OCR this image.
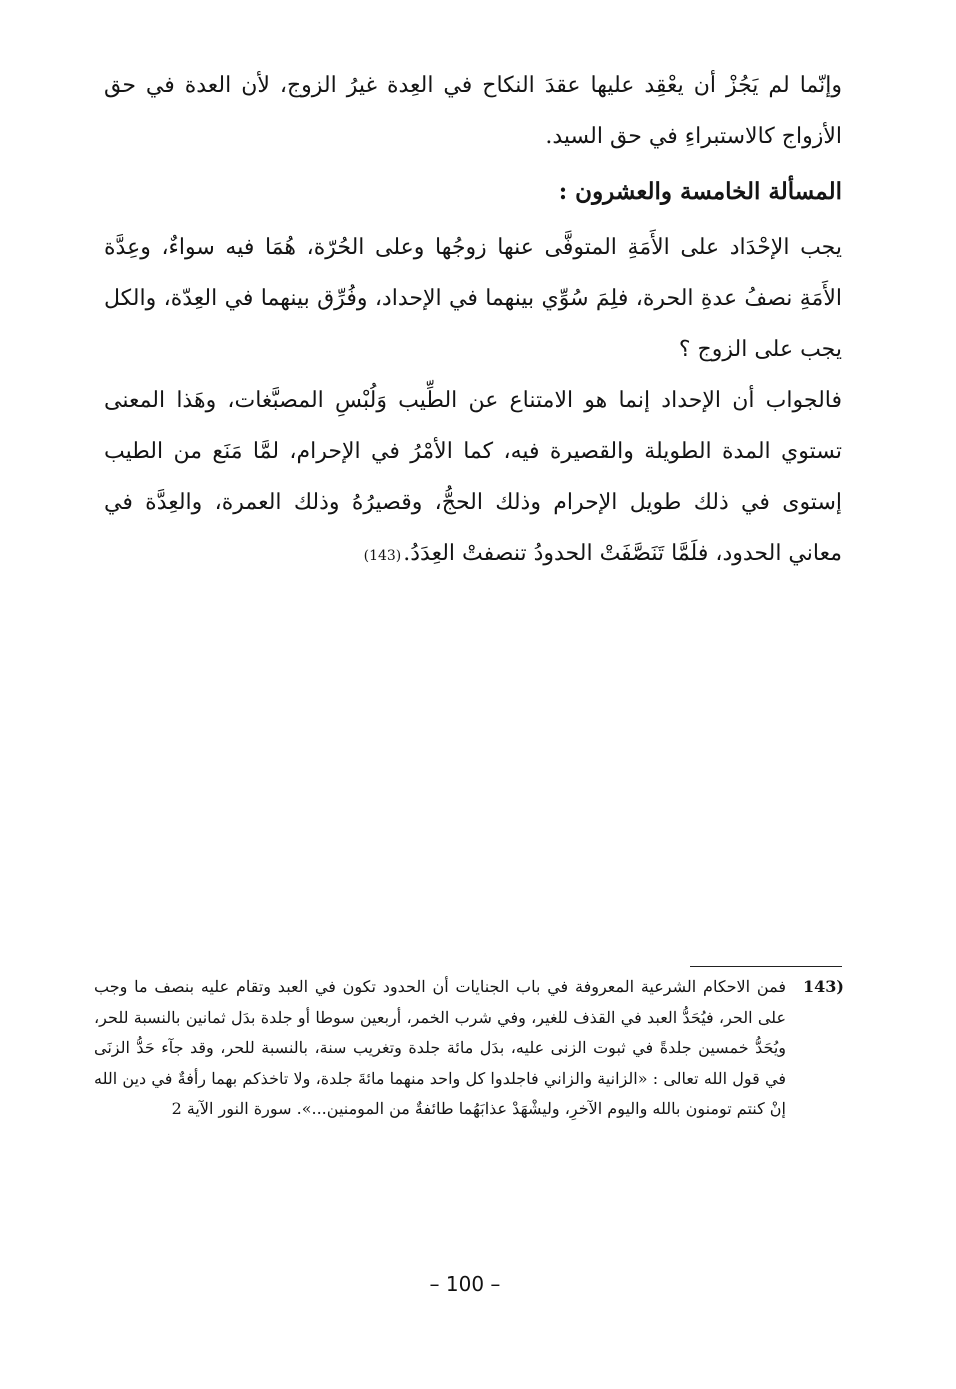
وإنّما لم يَجُزْ أن يعْقِد عليها عقدَ النكاح في العِدة غيرُ الزوج، لأن العدة في حق الأزواج كالاستبراءِ في حق السيد.

المسألة الخامسة والعشرون :

يجب الإحْدَاد على الأَمَةِ المتوفَّى عنها زوجُها وعلى الحُرّة، هُمَا فيه سواءٌ، وعِدَّة الأَمَةِ نصفُ عدةِ الحرة، فلِمَ سُوِّي بينهما في الإحداد، وفُرِّق بينهما في العِدّة، والكل يجب على الزوج ؟

فالجواب أن الإحداد إنما هو الامتناع عن الطِّيب وَلُبْسِ المصبَّغات، وهَذا المعنى تستوي المدة الطويلة والقصيرة فيه، كما الأمْرُ في الإحرام، لمَّا مَنَع من الطيب إستوى في ذلك طويل الإحرام وذلك الحجُّ، وقصيرُهُ وذلك العمرة، والعِدَّة في معاني الحدود، فلَمَّا تَنَصَّفَتْ الحدودُ تنصفتْ العِدَدُ.(143)

(143

فمن الاحكام الشرعية المعروفة في باب الجنايات أن الحدود تكون في العبد وتقام عليه بنصف ما وجب على الحر، فيُحَدُّ العبد في القذف للغير، وفي شرب الخمر، أربعين سوطا أو جلدة بدَل ثمانين بالنسبة للحر، ويُحَدُّ خمسين جلدةً في ثبوت الزنى عليه، بدَل مائة جلدة وتغريب سنة، بالنسبة للحر، وقد جآء حَدُّ الزنَى في قول الله تعالى : «الزانية والزاني فاجلدوا كل واحد منهما مائةَ جلدة، ولا تاخذكم بهما رأفةٌ في دين الله إنْ كنتم تومنون بالله واليوم الآخرِ، وليشْهَدْ عذابَهُما طائفةٌ من المومنين...». سورة النور الآية 2

– 100 –
